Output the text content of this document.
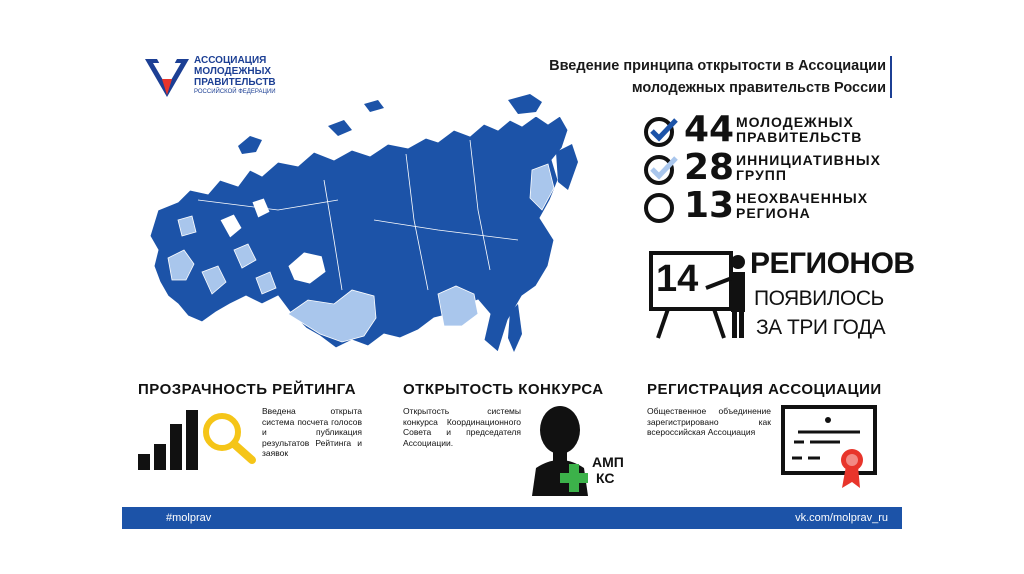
АССОЦИАЦИЯ
МОЛОДЕЖНЫХ
ПРАВИТЕЛЬСТВ
РОССИЙСКОЙ ФЕДЕРАЦИИ
Введение принципа открытости в Ассоциации
молодежных правительств России
44 МОЛОДЕЖНЫХ
ПРАВИТЕЛЬСТВ
28 ИННИЦИАТИВНЫХ
ГРУПП
13 НЕОХВАЧЕННЫХ
РЕГИОНА
14 РЕГИОНОВ
ПОЯВИЛОСЬ
ЗА ТРИ ГОДА
ПРОЗРАЧНОСТЬ РЕЙТИНГА
Введена открыта система посчета голосов и публикация результатов Рейтинга и заявок
ОТКРЫТОСТЬ КОНКУРСА
Открытость системы конкурса Координационного Совета и председателя Ассоциации.
АМП
КС
РЕГИСТРАЦИЯ АССОЦИАЦИИ
Общественное объединение зарегистрировано как всероссийская Ассоциация
#molprav	vk.com/molprav_ru
